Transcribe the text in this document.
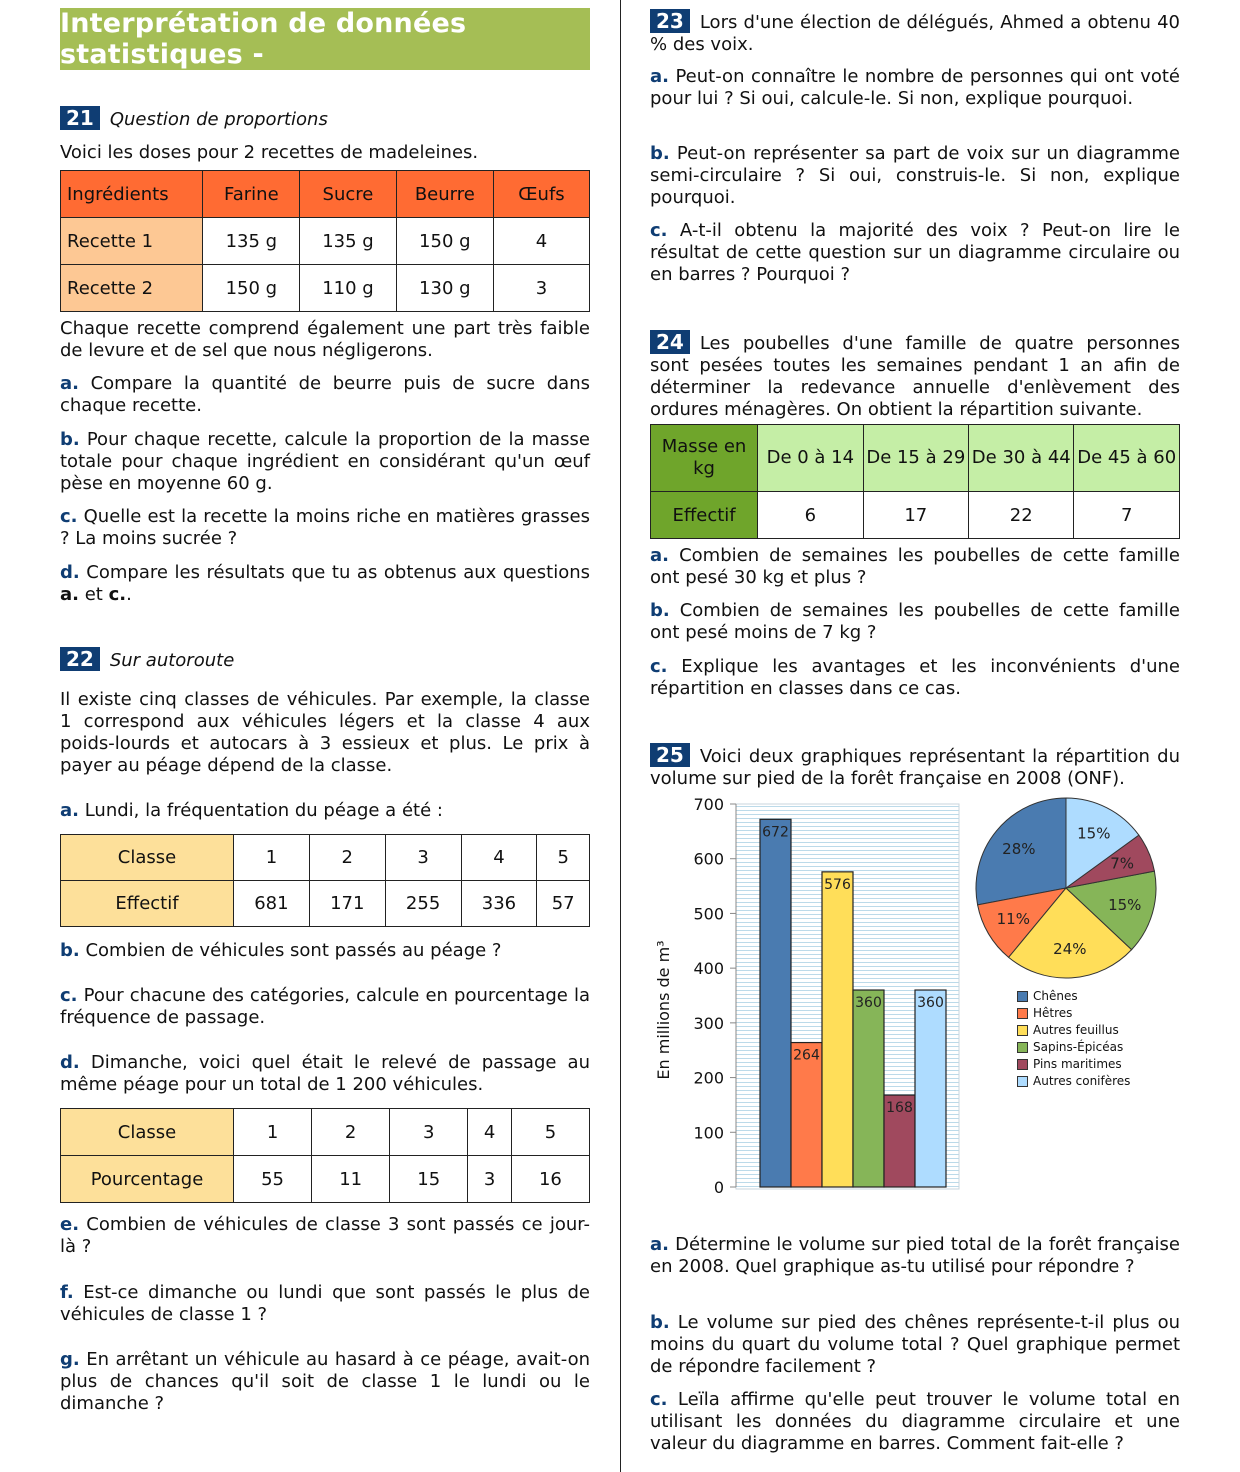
Interprétation de données
statistiques - Approfondissements
21 Question de proportions

Voici les doses pour 2 recettes de madeleines.

Ingrédients	Farine	Sucre	Beurre	Œufs
Recette 1	135 g	135 g	150 g	4
Recette 2	150 g	110 g	130 g	3

Chaque recette comprend également une part très faible de levure et de sel que nous négligerons.

a. Compare la quantité de beurre puis de sucre dans chaque recette.

b. Pour chaque recette, calcule la proportion de la masse totale pour chaque ingrédient en considérant qu'un œuf pèse en moyenne 60 g.

c. Quelle est la recette la moins riche en matières grasses ? La moins sucrée ?

d. Compare les résultats que tu as obtenus aux questions a. et c..

22 Sur autoroute

Il existe cinq classes de véhicules. Par exemple, la classe 1 correspond aux véhicules légers et la classe 4 aux poids-lourds et autocars à 3 essieux et plus. Le prix à payer au péage dépend de la classe.

a. Lundi, la fréquentation du péage a été :

Classe	1	2	3	4	5
Effectif	681	171	255	336	57

b. Combien de véhicules sont passés au péage ?

c. Pour chacune des catégories, calcule en pourcentage la fréquence de passage.

d. Dimanche, voici quel était le relevé de passage au même péage pour un total de 1 200 véhicules.

Classe	1	2	3	4	5
Pourcentage	55	11	15	3	16

e. Combien de véhicules de classe 3 sont passés ce jour-là ?

f. Est-ce dimanche ou lundi que sont passés le plus de véhicules de classe 1 ?

g. En arrêtant un véhicule au hasard à ce péage, avait-on plus de chances qu'il soit de classe 1 le lundi ou le dimanche ?

23 Lors d'une élection de délégués, Ahmed a obtenu 40 % des voix.

a. Peut-on connaître le nombre de personnes qui ont voté pour lui ? Si oui, calcule-le. Si non, explique pourquoi.

b. Peut-on représenter sa part de voix sur un diagramme semi-circulaire ? Si oui, construis-le. Si non, explique pourquoi.

c. A-t-il obtenu la majorité des voix ? Peut-on lire le résultat de cette question sur un diagramme circulaire ou en barres ? Pourquoi ?

24 Les poubelles d'une famille de quatre personnes sont pesées toutes les semaines pendant 1 an afin de déterminer la redevance annuelle d'enlèvement des ordures ménagères. On obtient la répartition suivante.

Masse en kg	De 0 à 14	De 15 à 29	De 30 à 44	De 45 à 60
Effectif	6	17	22	7

a. Combien de semaines les poubelles de cette famille ont pesé 30 kg et plus ?

b. Combien de semaines les poubelles de cette famille ont pesé moins de 7 kg ?

c. Explique les avantages et les inconvénients d'une répartition en classes dans ce cas.

25 Voici deux graphiques représentant la répartition du volume sur pied de la forêt française en 2008 (ONF).

0
100
200
300
400
500
600
700
672
264
576
360
168
360
En millions de m³
28%
11%
24%
15%
7%
15%
Chênes
Hêtres
Autres feuillus
Sapins-Épicéas
Pins maritimes
Autres conifères

a. Détermine le volume sur pied total de la forêt française en 2008. Quel graphique as-tu utilisé pour répondre ?

b. Le volume sur pied des chênes représente-t-il plus ou moins du quart du volume total ? Quel graphique permet de répondre facilement ?

c. Leïla affirme qu'elle peut trouver le volume total en utilisant les données du diagramme circulaire et une valeur du diagramme en barres. Comment fait-elle ?
